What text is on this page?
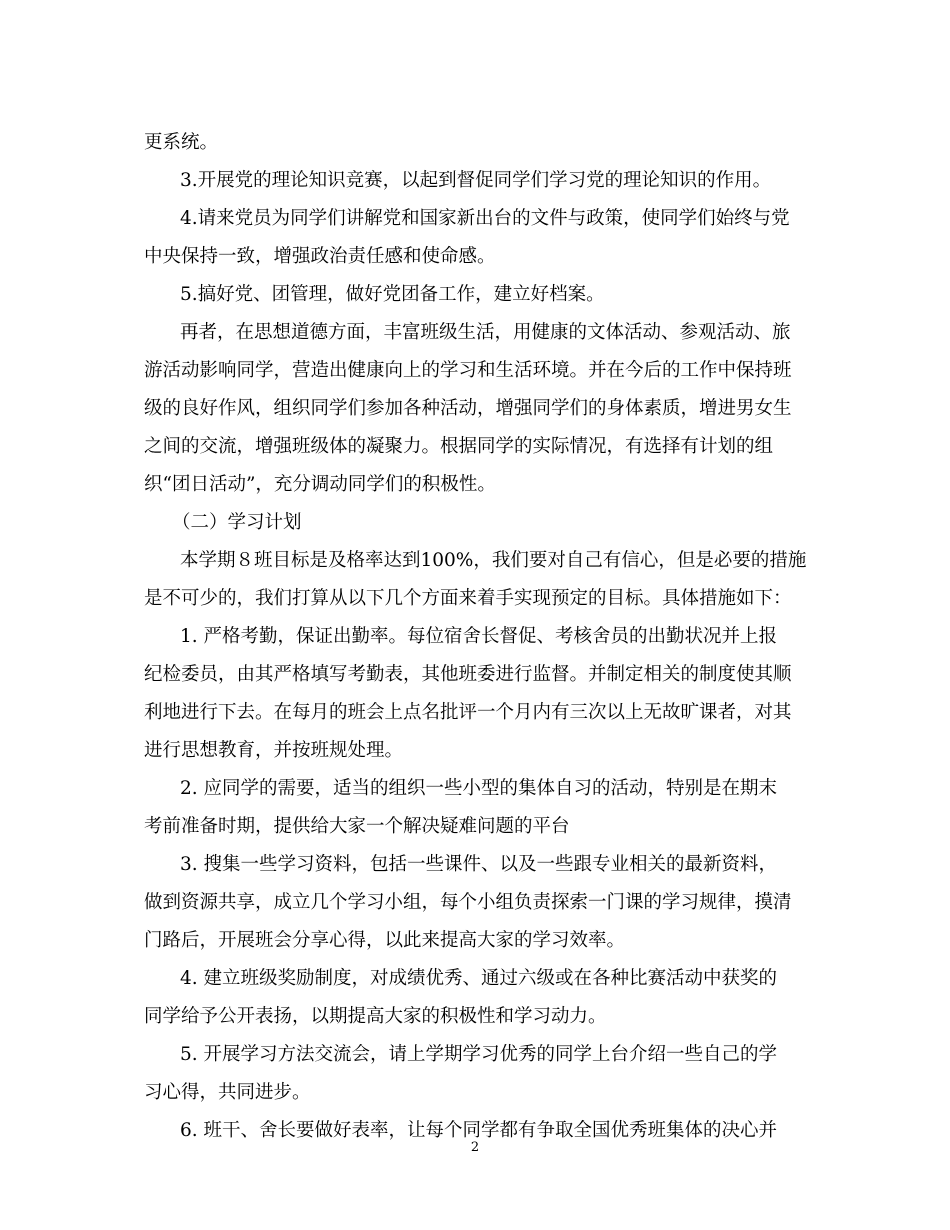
更系统。
3.开展党的理论知识竞赛，以起到督促同学们学习党的理论知识的作用。
4.请来党员为同学们讲解党和国家新出台的文件与政策，使同学们始终与党
中央保持一致，增强政治责任感和使命感。
5.搞好党、团管理，做好党团备工作，建立好档案。
再者，在思想道德方面，丰富班级生活，用健康的文体活动、参观活动、旅
游活动影响同学，营造出健康向上的学习和生活环境。并在今后的工作中保持班
级的良好作风，组织同学们参加各种活动，增强同学们的身体素质，增进男女生
之间的交流，增强班级体的凝聚力。根据同学的实际情况，有选择有计划的组
织“团日活动”，充分调动同学们的积极性。
（二）学习计划
本学期８班目标是及格率达到100%，我们要对自己有信心，但是必要的措施
是不可少的，我们打算从以下几个方面来着手实现预定的目标。具体措施如下：
1. 严格考勤，保证出勤率。每位宿舍长督促、考核舍员的出勤状况并上报
纪检委员，由其严格填写考勤表，其他班委进行监督。并制定相关的制度使其顺
利地进行下去。在每月的班会上点名批评一个月内有三次以上无故旷课者，对其
进行思想教育，并按班规处理。
2. 应同学的需要，适当的组织一些小型的集体自习的活动，特别是在期末
考前准备时期，提供给大家一个解决疑难问题的平台
3. 搜集一些学习资料，包括一些课件、以及一些跟专业相关的最新资料，
做到资源共享，成立几个学习小组，每个小组负责探索一门课的学习规律，摸清
门路后，开展班会分享心得，以此来提高大家的学习效率。
4. 建立班级奖励制度，对成绩优秀、通过六级或在各种比赛活动中获奖的
同学给予公开表扬，以期提高大家的积极性和学习动力。
5. 开展学习方法交流会，请上学期学习优秀的同学上台介绍一些自己的学
习心得，共同进步。
6. 班干、舍长要做好表率，让每个同学都有争取全国优秀班集体的决心并
2
